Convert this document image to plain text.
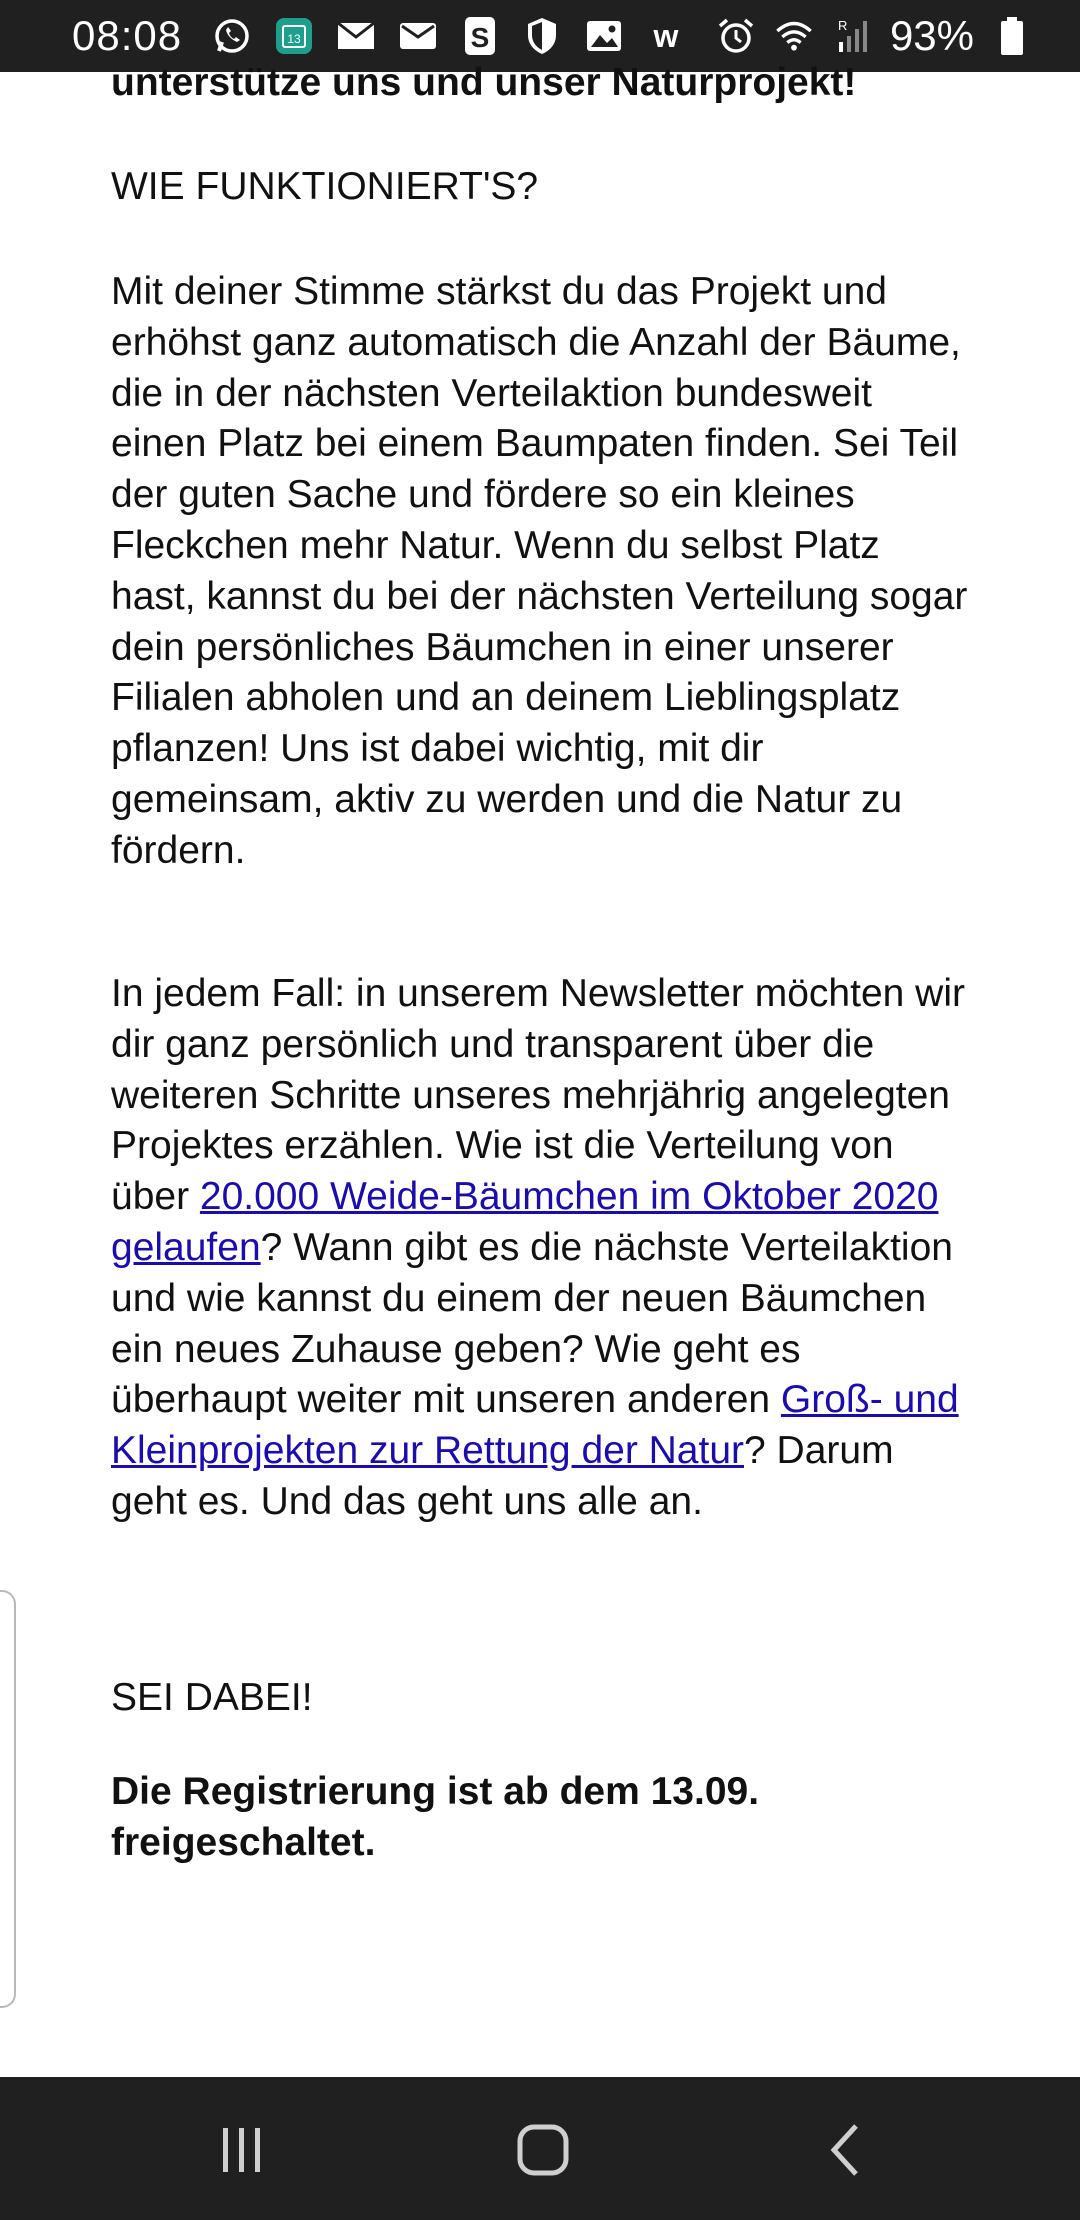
08:08	13	S	w	R 93%

unterstütze uns und unser Naturprojekt!

WIE FUNKTIONIERT'S?

Mit deiner Stimme stärkst du das Projekt und erhöhst ganz automatisch die Anzahl der Bäume, die in der nächsten Verteilaktion bundesweit einen Platz bei einem Baumpaten finden. Sei Teil der guten Sache und fördere so ein kleines Fleckchen mehr Natur. Wenn du selbst Platz hast, kannst du bei der nächsten Verteilung sogar dein persönliches Bäumchen in einer unserer Filialen abholen und an deinem Lieblingsplatz pflanzen! Uns ist dabei wichtig, mit dir gemeinsam, aktiv zu werden und die Natur zu fördern.

In jedem Fall: in unserem Newsletter möchten wir dir ganz persönlich und transparent über die weiteren Schritte unseres mehrjährig angelegten Projektes erzählen. Wie ist die Verteilung von über 20.000 Weide-Bäumchen im Oktober 2020 gelaufen? Wann gibt es die nächste Verteilaktion und wie kannst du einem der neuen Bäumchen ein neues Zuhause geben? Wie geht es überhaupt weiter mit unseren anderen Groß- und Kleinprojekten zur Rettung der Natur? Darum geht es. Und das geht uns alle an.

SEI DABEI!

Die Registrierung ist ab dem 13.09. freigeschaltet.
